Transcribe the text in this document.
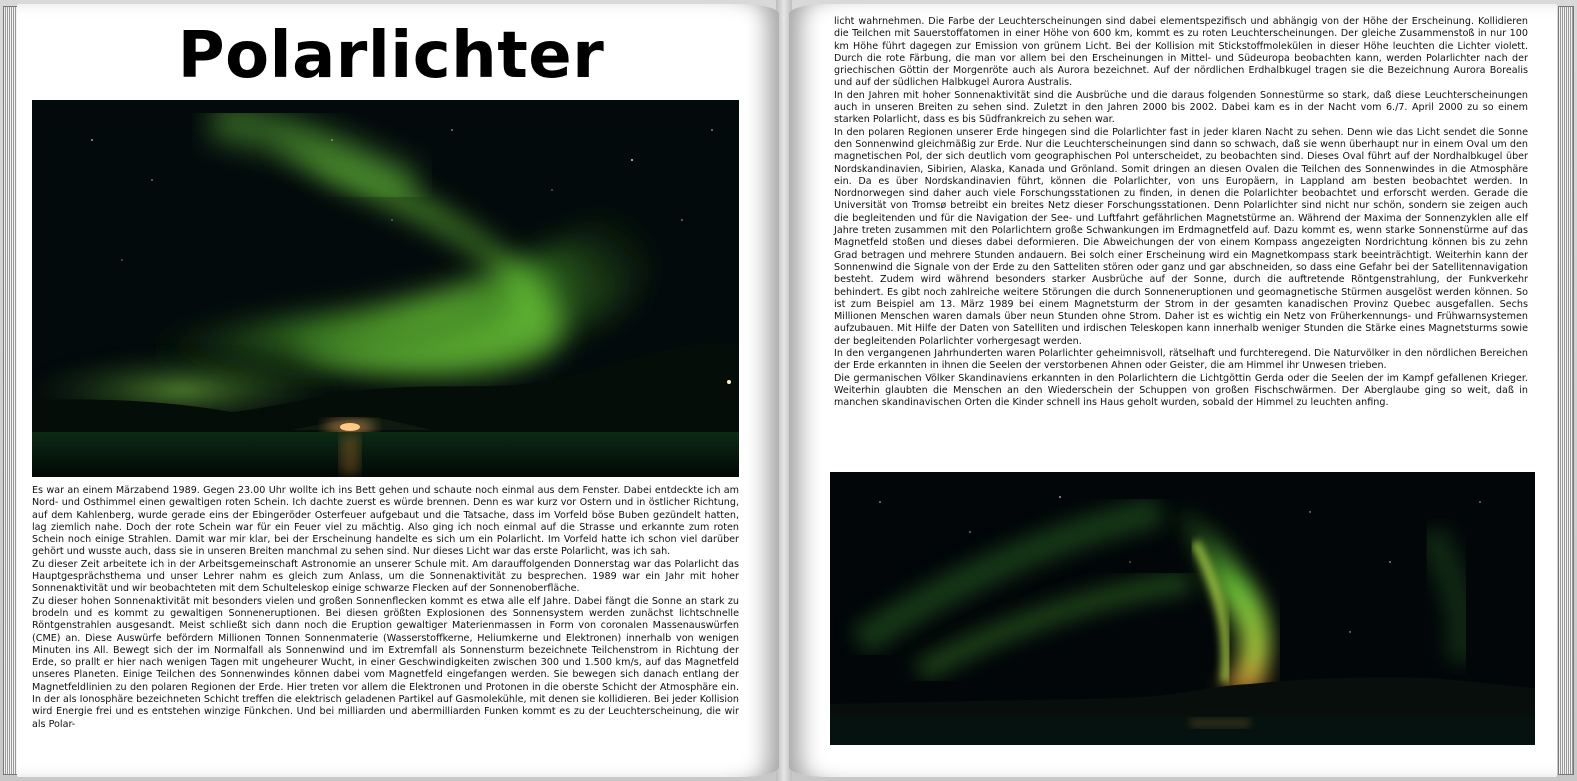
Polarlichter

Es war an einem Märzabend 1989. Gegen 23.00 Uhr wollte ich ins Bett gehen und schaute noch einmal aus dem Fenster. Dabei entdeckte ich am Nord- und Osthimmel einen gewaltigen roten Schein. Ich dachte zuerst es würde brennen. Denn es war kurz vor Ostern und in östlicher Richtung, auf dem Kahlenberg, wurde gerade eins der Ebingeröder Osterfeuer aufgebaut und die Tatsache, dass im Vorfeld böse Buben gezündelt hatten, lag ziemlich nahe. Doch der rote Schein war für ein Feuer viel zu mächtig. Also ging ich noch einmal auf die Strasse und erkannte zum roten Schein noch einige Strahlen. Damit war mir klar, bei der Erscheinung handelte es sich um ein Polarlicht. Im Vorfeld hatte ich schon viel darüber gehört und wusste auch, dass sie in unseren Breiten manchmal zu sehen sind. Nur dieses Licht war das erste Polarlicht, was ich sah.

Zu dieser Zeit arbeitete ich in der Arbeitsgemeinschaft Astronomie an unserer Schule mit. Am darauffolgenden Donnerstag war das Polarlicht das Hauptgesprächsthema und unser Lehrer nahm es gleich zum Anlass, um die Sonnenaktivität zu besprechen. 1989 war ein Jahr mit hoher Sonnenaktivität und wir beobachteten mit dem Schulteleskop einige schwarze Flecken auf der Sonnenoberfläche.

Zu dieser hohen Sonnenaktivität mit besonders vielen und großen Sonnenflecken kommt es etwa alle elf Jahre. Dabei fängt die Sonne an stark zu brodeln und es kommt zu gewaltigen Sonneneruptionen. Bei diesen größten Explosionen des Sonnensystem werden zunächst lichtschnelle Röntgenstrahlen ausgesandt. Meist schließt sich dann noch die Eruption gewaltiger Materienmassen in Form von coronalen Massenauswürfen (CME) an. Diese Auswürfe befördern Millionen Tonnen Sonnenmaterie (Wasserstoffkerne, Heliumkerne und Elektronen) innerhalb von wenigen Minuten ins All. Bewegt sich der im Normalfall als Sonnenwind und im Extremfall als Sonnensturm bezeichnete Teilchenstrom in Richtung der Erde, so prallt er hier nach wenigen Tagen mit ungeheurer Wucht, in einer Geschwindigkeiten zwischen 300 und 1.500 km/s, auf das Magnetfeld unseres Planeten. Einige Teilchen des Sonnenwindes können dabei vom Magnetfeld eingefangen werden. Sie bewegen sich danach entlang der Magnetfeldlinien zu den polaren Regionen der Erde. Hier treten vor allem die Elektronen und Protonen in die oberste Schicht der Atmosphäre ein. In der als Ionosphäre bezeichneten Schicht treffen die elektrisch geladenen Partikel auf Gasmolekühle, mit denen sie kollidieren. Bei jeder Kollision wird Energie frei und es entstehen winzige Fünkchen. Und bei milliarden und abermilliarden Funken kommt es zu der Leuchterscheinung, die wir als Polar-

licht wahrnehmen. Die Farbe der Leuchterscheinungen sind dabei elementspezifisch und abhängig von der Höhe der Erscheinung. Kollidieren die Teilchen mit Sauerstoffatomen in einer Höhe von 600 km, kommt es zu roten Leuchterscheinungen. Der gleiche Zusammenstoß in nur 100 km Höhe führt dagegen zur Emission von grünem Licht. Bei der Kollision mit Stickstoffmolekülen in dieser Höhe leuchten die Lichter violett. Durch die rote Färbung, die man vor allem bei den Erscheinungen in Mittel- und Südeuropa beobachten kann, werden Polarlichter nach der griechischen Göttin der Morgenröte auch als Aurora bezeichnet. Auf der nördlichen Erdhalbkugel tragen sie die Bezeichnung Aurora Borealis und auf der südlichen Halbkugel Aurora Australis.

In den Jahren mit hoher Sonnenaktivität sind die Ausbrüche und die daraus folgenden Sonnestürme so stark, daß diese Leuchterscheinungen auch in unseren Breiten zu sehen sind. Zuletzt in den Jahren 2000 bis 2002. Dabei kam es in der Nacht vom 6./7. April 2000 zu so einem starken Polarlicht, dass es bis Südfrankreich zu sehen war.

In den polaren Regionen unserer Erde hingegen sind die Polarlichter fast in jeder klaren Nacht zu sehen. Denn wie das Licht sendet die Sonne den Sonnenwind gleichmäßig zur Erde. Nur die Leuchterscheinungen sind dann so schwach, daß sie wenn überhaupt nur in einem Oval um den magnetischen Pol, der sich deutlich vom geographischen Pol unterscheidet, zu beobachten sind. Dieses Oval führt auf der Nordhalbkugel über Nordskandinavien, Sibirien, Alaska, Kanada und Grönland. Somit dringen an diesen Ovalen die Teilchen des Sonnenwindes in die Atmosphäre ein. Da es über Nordskandinavien führt, können die Polarlichter, von uns Europäern, in Lappland am besten beobachtet werden. In Nordnorwegen sind daher auch viele Forschungsstationen zu finden, in denen die Polarlichter beobachtet und erforscht werden. Gerade die Universität von Tromsø betreibt ein breites Netz dieser Forschungsstationen. Denn Polarlichter sind nicht nur schön, sondern sie zeigen auch die begleitenden und für die Navigation der See- und Luftfahrt gefährlichen Magnetstürme an. Während der Maxima der Sonnenzyklen alle elf Jahre treten zusammen mit den Polarlichtern große Schwankungen im Erdmagnetfeld auf. Dazu kommt es, wenn starke Sonnenstürme auf das Magnetfeld stoßen und dieses dabei deformieren. Die Abweichungen der von einem Kompass angezeigten Nordrichtung können bis zu zehn Grad betragen und mehrere Stunden andauern. Bei solch einer Erscheinung wird ein Magnetkompass stark beeinträchtigt. Weiterhin kann der Sonnenwind die Signale von der Erde zu den Satteliten stören oder ganz und gar abschneiden, so dass eine Gefahr bei der Satellitennavigation besteht. Zudem wird während besonders starker Ausbrüche auf der Sonne, durch die auftretende Röntgenstrahlung, der Funkverkehr behindert. Es gibt noch zahlreiche weitere Störungen die durch Sonneneruptionen und geomagnetische Stürmen ausgelöst werden können. So ist zum Beispiel am 13. März 1989 bei einem Magnetsturm der Strom in der gesamten kanadischen Provinz Quebec ausgefallen. Sechs Millionen Menschen waren damals über neun Stunden ohne Strom. Daher ist es wichtig ein Netz von Früherkennungs- und Frühwarnsystemen aufzubauen. Mit Hilfe der Daten von Satelliten und irdischen Teleskopen kann innerhalb weniger Stunden die Stärke eines Magnetsturms sowie der begleitenden Polarlichter vorhergesagt werden.

In den vergangenen Jahrhunderten waren Polarlichter geheimnisvoll, rätselhaft und furchteregend. Die Naturvölker in den nördlichen Bereichen der Erde erkannten in ihnen die Seelen der verstorbenen Ahnen oder Geister, die am Himmel ihr Unwesen trieben.

Die germanischen Völker Skandinaviens erkannten in den Polarlichtern die Lichtgöttin Gerda oder die Seelen der im Kampf gefallenen Krieger. Weiterhin glaubten die Menschen an den Wiederschein der Schuppen von großen Fischschwärmen. Der Aberglaube ging so weit, daß in manchen skandinavischen Orten die Kinder schnell ins Haus geholt wurden, sobald der Himmel zu leuchten anfing.
